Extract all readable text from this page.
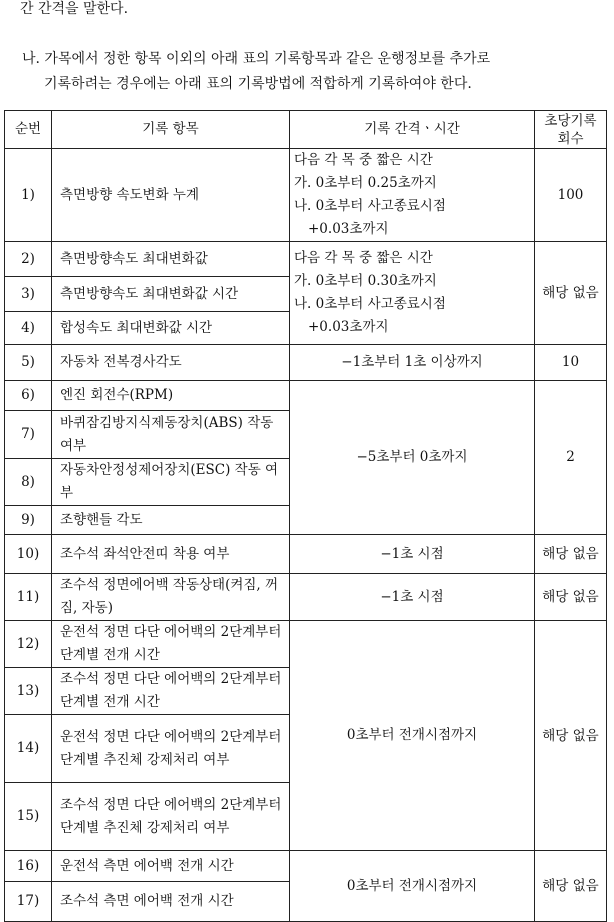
간 간격을 말한다.
나. 가목에서 정한 항목 이외의 아래 표의 기록항목과 같은 운행정보를 추가로
기록하려는 경우에는 아래 표의 기록방법에 적합하게 기록하여야 한다.
순번	기록 항목	기록 간격ㆍ시간	초당기록회수
1)	측면방향 속도변화 누계	다음 각 목 중 짧은 시간
가. 0초부터 0.25초까지
나. 0초부터 사고종료시점
+0.03초까지	100
2)	측면방향속도 최대변화값	다음 각 목 중 짧은 시간
가. 0초부터 0.30초까지
나. 0초부터 사고종료시점
+0.03초까지	해당 없음
3)	측면방향속도 최대변화값 시간		
4)	합성속도 최대변화값 시간		
5)	자동차 전복경사각도	−1초부터 1초 이상까지	10
6)	엔진 회전수(RPM)	−5초부터 0초까지	2
7)	바퀴잠김방지식제동장치(ABS) 작동 여부		
8)	자동차안정성제어장치(ESC) 작동 여부		
9)	조향핸들 각도		
10)	조수석 좌석안전띠 착용 여부	−1초 시점	해당 없음
11)	조수석 정면에어백 작동상태(켜짐, 꺼짐, 자동)	−1초 시점	해당 없음
12)	운전석 정면 다단 에어백의 2단계부터 단계별 전개 시간	0초부터 전개시점까지	해당 없음
13)	조수석 정면 다단 에어백의 2단계부터 단계별 전개 시간		
14)	운전석 정면 다단 에어백의 2단계부터 단계별 추진체 강제처리 여부		
15)	조수석 정면 다단 에어백의 2단계부터 단계별 추진체 강제처리 여부		
16)	운전석 측면 에어백 전개 시간	0초부터 전개시점까지	해당 없음
17)	조수석 측면 에어백 전개 시간		
